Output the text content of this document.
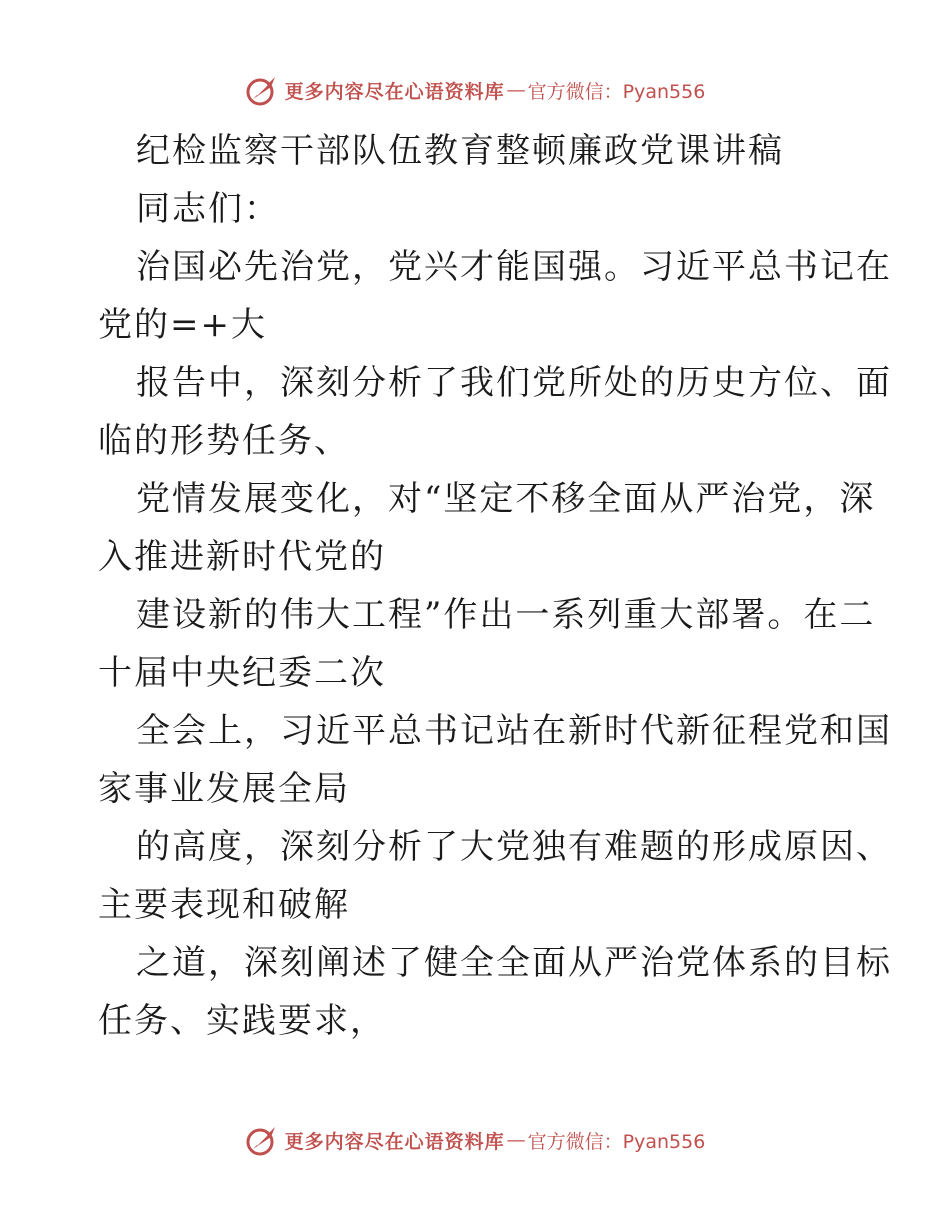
更多内容尽在心语资料库 — 官方微信：Pyan556
纪检监察干部队伍教育整顿廉政党课讲稿
同志们：
治国必先治党，党兴才能国强。习近平总书记在
党的=+大
报告中，深刻分析了我们党所处的历史方位、面
临的形势任务、
党情发展变化，对“坚定不移全面从严治党，深
入推进新时代党的
建设新的伟大工程”作出一系列重大部署。在二
十届中央纪委二次
全会上，习近平总书记站在新时代新征程党和国
家事业发展全局
的高度，深刻分析了大党独有难题的形成原因、
主要表现和破解
之道，深刻阐述了健全全面从严治党体系的目标
任务、实践要求，
更多内容尽在心语资料库 — 官方微信：Pyan556
